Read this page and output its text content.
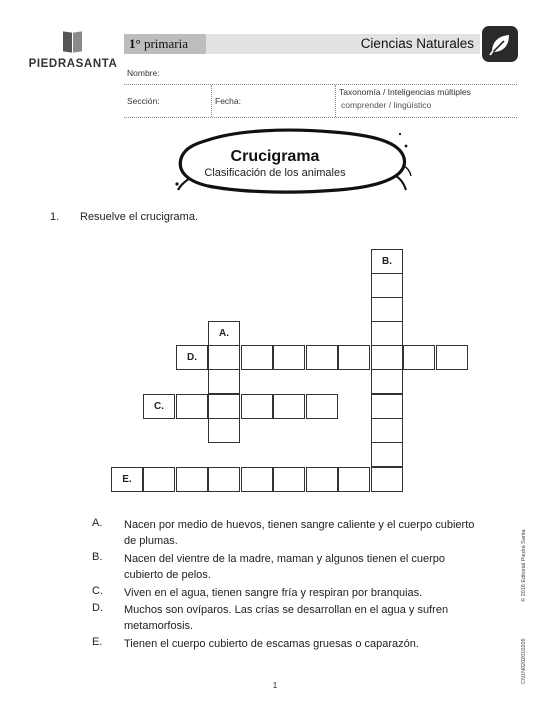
PIEDRASANTA
1° primaria	Ciencias Naturales
Nombre:
Sección:	Fecha:
Taxonomía / Inteligencias múltiples
comprender / lingüístico
Crucigrama
Clasificación de los animales
1. Resuelve el crucigrama.
B.
A.
D.
C.
E.
A. Nacen por medio de huevos, tienen sangre caliente y el cuerpo cubierto de plumas.
B. Nacen del vientre de la madre, maman y algunos tienen el cuerpo cubierto de pelos.
C. Viven en el agua, tienen sangre fría y respiran por branquias.
D. Muchos son ovíparos. Las crías se desarrollan en el agua y sufren metamorfosis.
E. Tienen el cuerpo cubierto de escamas gruesas o caparazón.
© 2016 Editorial Piedra Santa
CN1N0202010205
1
